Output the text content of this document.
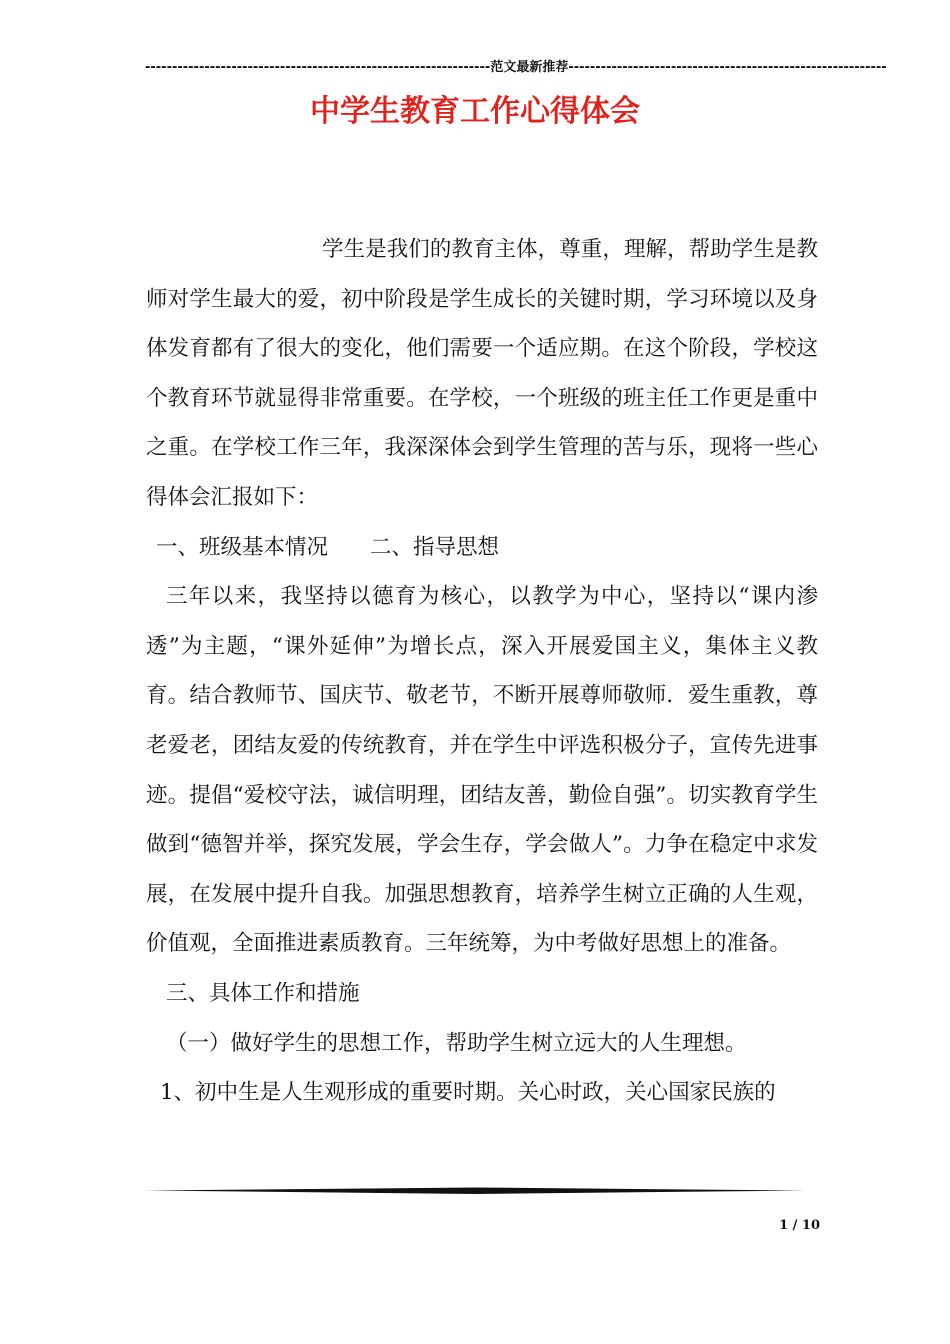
----------------------------------------------------------------范文最新推荐-----------------------------------------------------------
中学生教育工作心得体会

学生是我们的教育主体，尊重，理解，帮助学生是教师对学生最大的爱，初中阶段是学生成长的关键时期，学习环境以及身体发育都有了很大的变化，他们需要一个适应期。在这个阶段，学校这个教育环节就显得非常重要。在学校，一个班级的班主任工作更是重中之重。在学校工作三年，我深深体会到学生管理的苦与乐，现将一些心得体会汇报如下：

一、班级基本情况 二、指导思想

三年以来，我坚持以德育为核心，以教学为中心，坚持以“课内渗透”为主题，“课外延伸”为增长点，深入开展爱国主义，集体主义教育。结合教师节、国庆节、敬老节，不断开展尊师敬师．爱生重教，尊老爱老，团结友爱的传统教育，并在学生中评选积极分子，宣传先进事迹。提倡“爱校守法，诚信明理，团结友善，勤俭自强”。切实教育学生做到“德智并举，探究发展，学会生存，学会做人”。力争在稳定中求发展，在发展中提升自我。加强思想教育，培养学生树立正确的人生观，价值观，全面推进素质教育。三年统筹，为中考做好思想上的准备。

三、具体工作和措施

（一）做好学生的思想工作，帮助学生树立远大的人生理想。

1、初中生是人生观形成的重要时期。关心时政，关心国家民族的

1 / 10
